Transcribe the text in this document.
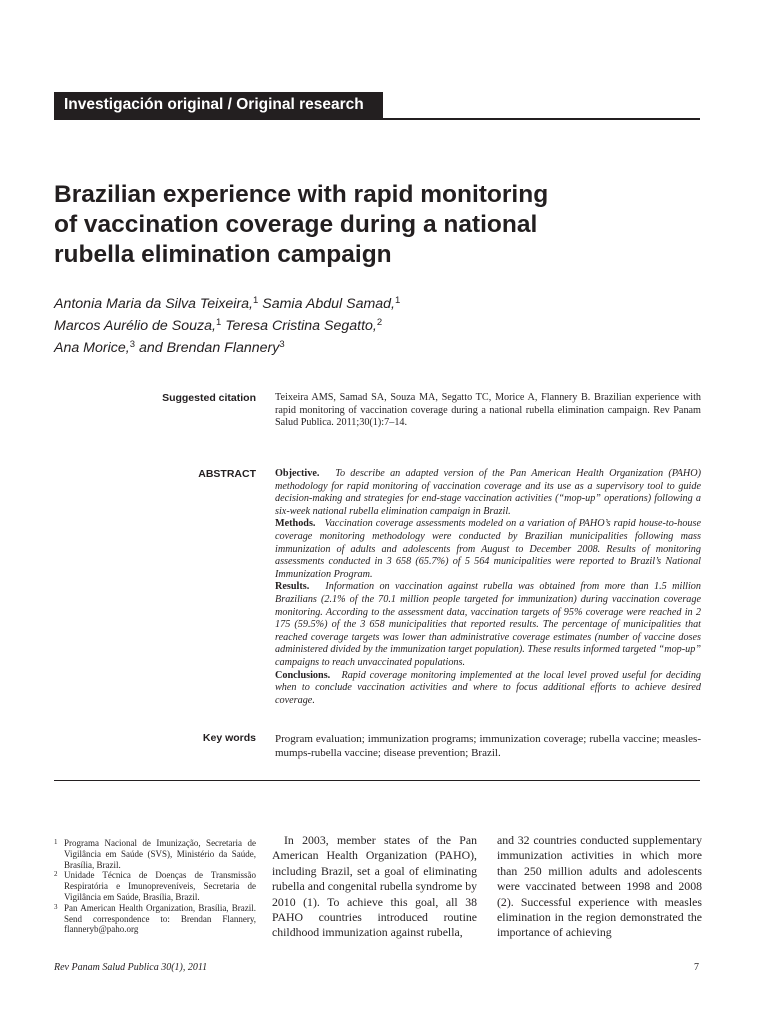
Investigación original / Original research
Brazilian experience with rapid monitoring
of vaccination coverage during a national
rubella elimination campaign
Antonia Maria da Silva Teixeira,$^1$ Samia Abdul Samad,$^1$
Marcos Aurélio de Souza,$^1$ Teresa Cristina Segatto,$^2$
Ana Morice,$^3$ and Brendan Flannery$^3$
Suggested citation Teixeira AMS, Samad SA, Souza MA, Segatto TC, Morice A, Flannery B. Brazilian experience with rapid monitoring of vaccination coverage during a national rubella elimination campaign. Rev Panam Salud Publica. 2011;30(1):7–14.
ABSTRACT Objective. To describe an adapted version of the Pan American Health Organization (PAHO) methodology for rapid monitoring of vaccination coverage and its use as a supervisory tool to guide decision-making and strategies for end-stage vaccination activities (“mop-up” operations) following a six-week national rubella elimination campaign in Brazil.

Methods. Vaccination coverage assessments modeled on a variation of PAHO’s rapid house-to-house coverage monitoring methodology were conducted by Brazilian municipalities following mass immunization of adults and adolescents from August to December 2008. Results of monitoring assessments conducted in 3 658 (65.7%) of 5 564 municipalities were reported to Brazil’s National Immunization Program.

Results. Information on vaccination against rubella was obtained from more than 1.5 million Brazilians (2.1% of the 70.1 million people targeted for immunization) during vaccination coverage monitoring. According to the assessment data, vaccination targets of 95% coverage were reached in 2 175 (59.5%) of the 3 658 municipalities that reported results. The percentage of municipalities that reached coverage targets was lower than administrative coverage estimates (number of vaccine doses administered divided by the immunization target population). These results informed targeted “mop-up” campaigns to reach unvaccinated populations.

Conclusions. Rapid coverage monitoring implemented at the local level proved useful for deciding when to conclude vaccination activities and where to focus additional efforts to achieve desired coverage.

Key words Program evaluation; immunization programs; immunization coverage; rubella vaccine; measles-mumps-rubella vaccine; disease prevention; Brazil.
1 Programa Nacional de Imunização, Secretaria de Vigilância em Saúde (SVS), Ministério da Saúde, Brasília, Brazil.
2 Unidade Técnica de Doenças de Transmissão Respiratória e Imunopreveníveis, Secretaria de Vigilância em Saúde, Brasília, Brazil.
3 Pan American Health Organization, Brasília, Brazil. Send correspondence to: Brendan Flannery, flanneryb@paho.org
In 2003, member states of the Pan American Health Organization (PAHO), including Brazil, set a goal of eliminating rubella and congenital rubella syndrome by 2010 (1). To achieve this goal, all 38 PAHO countries introduced routine childhood immunization against rubella,
and 32 countries conducted supplementary immunization activities in which more than 250 million adults and adolescents were vaccinated between 1998 and 2008 (2). Successful experience with measles elimination in the region demonstrated the importance of achieving
Rev Panam Salud Publica 30(1), 2011	7
